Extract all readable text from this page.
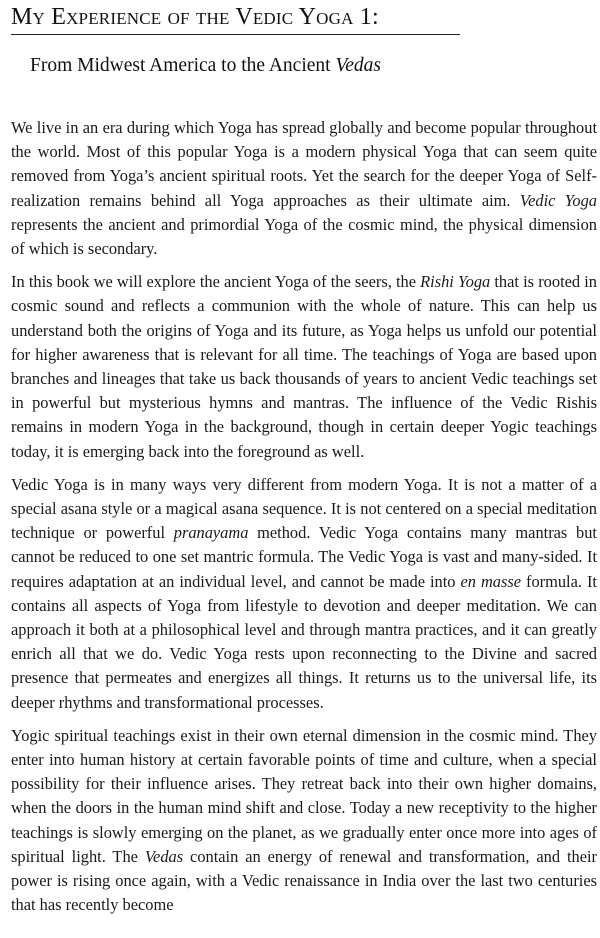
My Experience of the Vedic Yoga 1:
From Midwest America to the Ancient Vedas

We live in an era during which Yoga has spread globally and become popular throughout the world. Most of this popular Yoga is a modern physical Yoga that can seem quite removed from Yoga’s ancient spiritual roots. Yet the search for the deeper Yoga of Self-realization remains behind all Yoga approaches as their ultimate aim. Vedic Yoga represents the ancient and primordial Yoga of the cosmic mind, the physical dimension of which is secondary.

In this book we will explore the ancient Yoga of the seers, the Rishi Yoga that is rooted in cosmic sound and reflects a communion with the whole of nature. This can help us understand both the origins of Yoga and its future, as Yoga helps us unfold our potential for higher awareness that is relevant for all time. The teachings of Yoga are based upon branches and lineages that take us back thousands of years to ancient Vedic teachings set in powerful but mysterious hymns and mantras. The influence of the Vedic Rishis remains in modern Yoga in the background, though in certain deeper Yogic teachings today, it is emerging back into the foreground as well.

Vedic Yoga is in many ways very different from modern Yoga. It is not a matter of a special asana style or a magical asana sequence. It is not centered on a special meditation technique or powerful pranayama method. Vedic Yoga contains many mantras but cannot be reduced to one set mantric formula. The Vedic Yoga is vast and many-sided. It requires adaptation at an individual level, and cannot be made into en masse formula. It contains all aspects of Yoga from lifestyle to devotion and deeper meditation. We can approach it both at a philosophical level and through mantra practices, and it can greatly enrich all that we do. Vedic Yoga rests upon reconnecting to the Divine and sacred presence that permeates and energizes all things. It returns us to the universal life, its deeper rhythms and transformational processes.

Yogic spiritual teachings exist in their own eternal dimension in the cosmic mind. They enter into human history at certain favorable points of time and culture, when a special possibility for their influence arises. They retreat back into their own higher domains, when the doors in the human mind shift and close. Today a new receptivity to the higher teachings is slowly emerging on the planet, as we gradually enter once more into ages of spiritual light. The Vedas contain an energy of renewal and transformation, and their power is rising once again, with a Vedic renaissance in India over the last two centuries that has recently become
